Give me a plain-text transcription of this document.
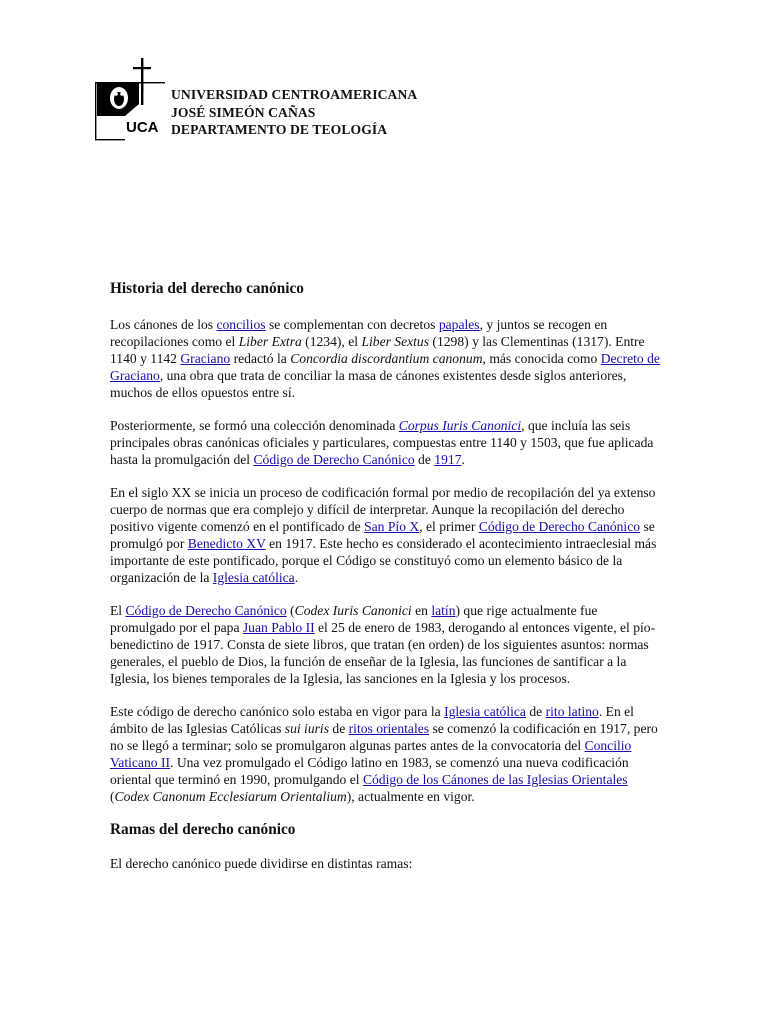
UCA
UNIVERSIDAD CENTROAMERICANA
JOSÉ SIMEÓN CAÑAS
DEPARTAMENTO DE TEOLOGÍA
Historia del derecho canónico

Los cánones de los concilios se complementan con decretos papales, y juntos se recogen en recopilaciones como el Liber Extra (1234), el Liber Sextus (1298) y las Clementinas (1317). Entre 1140 y 1142 Graciano redactó la Concordia discordantium canonum, más conocida como Decreto de Graciano, una obra que trata de conciliar la masa de cánones existentes desde siglos anteriores, muchos de ellos opuestos entre sí.

Posteriormente, se formó una colección denominada Corpus Iuris Canonici, que incluía las seis principales obras canónicas oficiales y particulares, compuestas entre 1140 y 1503, que fue aplicada hasta la promulgación del Código de Derecho Canónico de 1917.

En el siglo XX se inicia un proceso de codificación formal por medio de recopilación del ya extenso cuerpo de normas que era complejo y difícil de interpretar. Aunque la recopilación del derecho positivo vigente comenzó en el pontificado de San Pío X, el primer Código de Derecho Canónico se promulgó por Benedicto XV en 1917. Este hecho es considerado el acontecimiento intraeclesial más importante de este pontificado, porque el Código se constituyó como un elemento básico de la organización de la Iglesia católica.

El Código de Derecho Canónico (Codex Iuris Canonici en latín) que rige actualmente fue promulgado por el papa Juan Pablo II el 25 de enero de 1983, derogando al entonces vigente, el pío-benedictino de 1917. Consta de siete libros, que tratan (en orden) de los siguientes asuntos: normas generales, el pueblo de Dios, la función de enseñar de la Iglesia, las funciones de santificar a la Iglesia, los bienes temporales de la Iglesia, las sanciones en la Iglesia y los procesos.

Este código de derecho canónico solo estaba en vigor para la Iglesia católica de rito latino. En el ámbito de las Iglesias Católicas sui iuris de ritos orientales se comenzó la codificación en 1917, pero no se llegó a terminar; solo se promulgaron algunas partes antes de la convocatoria del Concilio Vaticano II. Una vez promulgado el Código latino en 1983, se comenzó una nueva codificación oriental que terminó en 1990, promulgando el Código de los Cánones de las Iglesias Orientales (Codex Canonum Ecclesiarum Orientalium), actualmente en vigor.

Ramas del derecho canónico

El derecho canónico puede dividirse en distintas ramas:
